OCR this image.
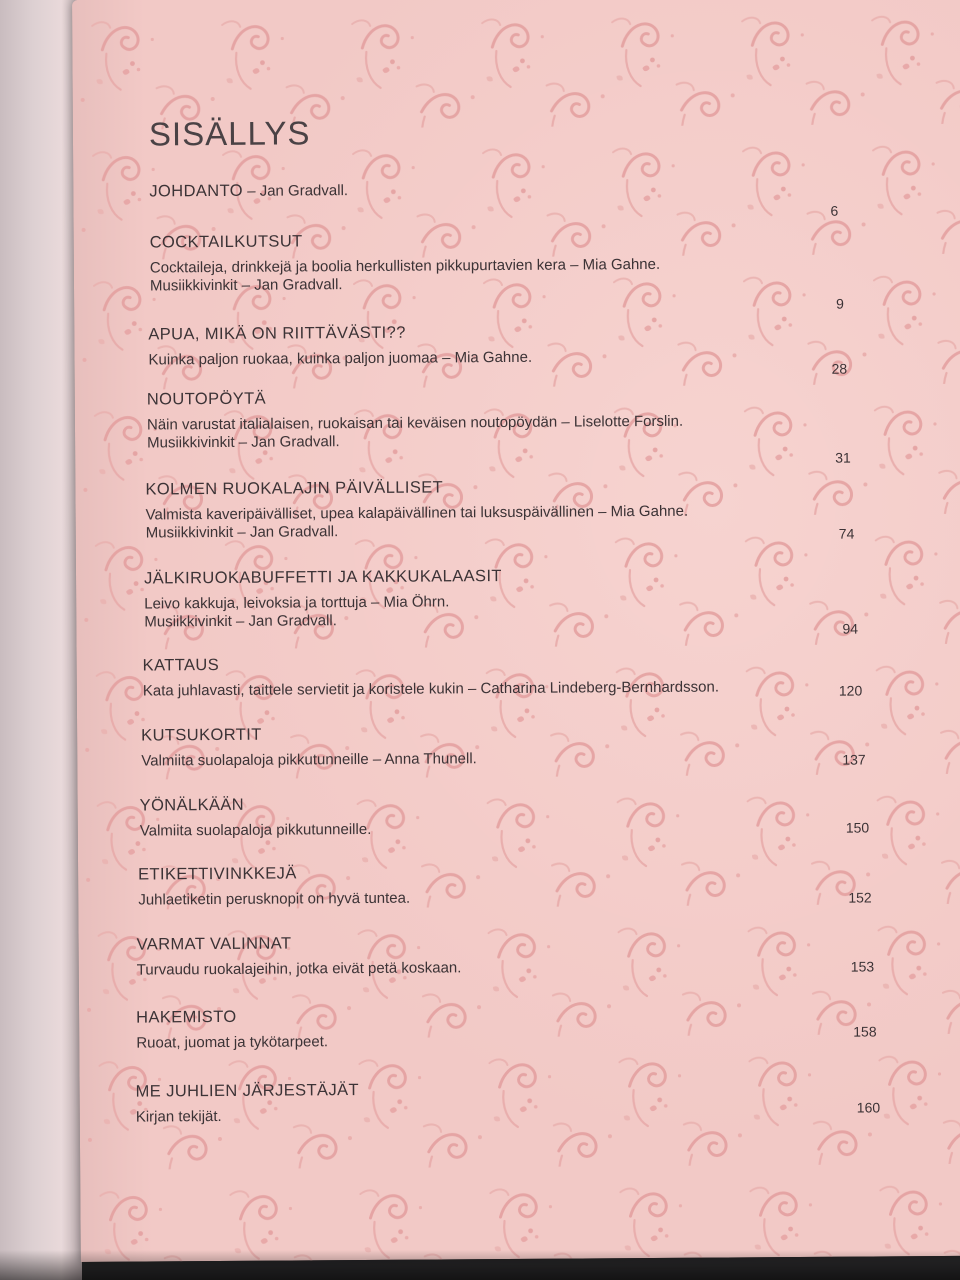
SISÄLLYS
JOHDANTO – Jan Gradvall.
6
COCKTAILKUTSUT
Cocktaileja, drinkkejä ja boolia herkullisten pikkupurtavien kera – Mia Gahne.
Musiikkivinkit – Jan Gradvall.
9
APUA, MIKÄ ON RIITTÄVÄSTI??
Kuinka paljon ruokaa, kuinka paljon juomaa – Mia Gahne.
28
NOUTOPÖYTÄ
Näin varustat italialaisen, ruokaisan tai keväisen noutopöydän – Liselotte Forslin.
Musiikkivinkit – Jan Gradvall.
31
KOLMEN RUOKALAJIN PÄIVÄLLISET
Valmista kaveripäivälliset, upea kalapäivällinen tai luksuspäivällinen – Mia Gahne.
Musiikkivinkit – Jan Gradvall.	74
JÄLKIRUOKABUFFETTI JA KAKKUKALAASIT
Leivo kakkuja, leivoksia ja torttuja – Mia Öhrn.
Musiikkivinkit – Jan Gradvall.	94
KATTAUS
Kata juhlavasti, taittele servietit ja koristele kukin – Catharina Lindeberg-Bernhardsson.	120
KUTSUKORTIT
Valmiita suolapaloja pikkutunneille – Anna Thunell.	137
YÖNÄLKÄÄN
Valmiita suolapaloja pikkutunneille.	150
ETIKETTIVINKKEJÄ
Juhlaetiketin perusknopit on hyvä tuntea.	152
VARMAT VALINNAT
Turvaudu ruokalajeihin, jotka eivät petä koskaan.	153
HAKEMISTO
Ruoat, juomat ja tykötarpeet.
158
ME JUHLIEN JÄRJESTÄJÄT
Kirjan tekijät.
160
